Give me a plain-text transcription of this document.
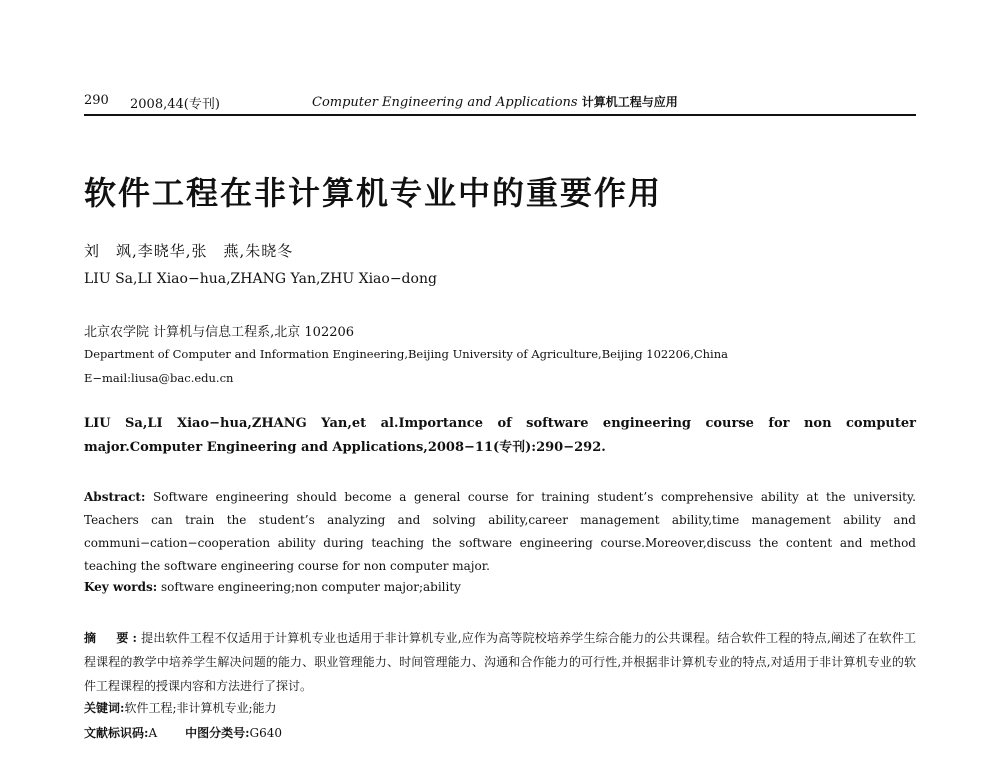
290 2008,44(专刊)	Computer Engineering and Applications 计算机工程与应用
软件工程在非计算机专业中的重要作用
刘　飒,李晓华,张　燕,朱晓冬
LIU Sa,LI Xiao−hua,ZHANG Yan,ZHU Xiao−dong
北京农学院 计算机与信息工程系,北京 102206
Department of Computer and Information Engineering,Beijing University of Agriculture,Beijing 102206,China
E−mail:liusa@bac.edu.cn
LIU Sa,LI Xiao−hua,ZHANG Yan,et al.Importance of software engineering course for non computer major.Computer Engineering and Applications,2008−11(专刊):290−292.
Abstract: Software engineering should become a general course for training student’s comprehensive ability at the university. Teachers can train the student’s analyzing and solving ability,career management ability,time management ability and communi−cation−cooperation ability during teaching the software engineering course.Moreover,discuss the content and method teaching the software engineering course for non computer major.
Key words: software engineering;non computer major;ability
摘　要:提出软件工程不仅适用于计算机专业也适用于非计算机专业,应作为高等院校培养学生综合能力的公共课程。结合软件工程的特点,阐述了在软件工程课程的教学中培养学生解决问题的能力、职业管理能力、时间管理能力、沟通和合作能力的可行性,并根据非计算机专业的特点,对适用于非计算机专业的软件工程课程的授课内容和方法进行了探讨。
关键词:软件工程;非计算机专业;能力
文献标识码:A 中图分类号:G640
